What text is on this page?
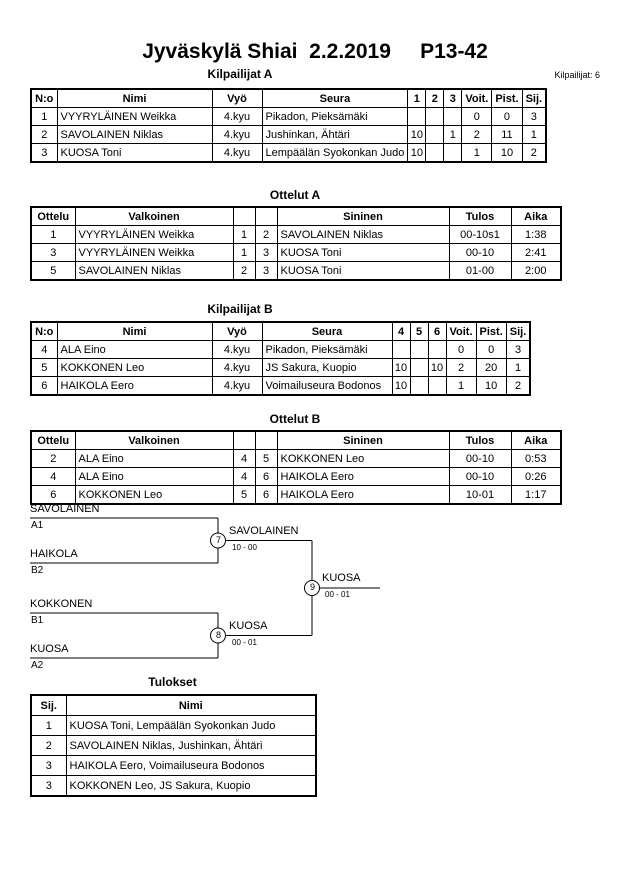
Jyväskylä Shiai  2.2.2019     P13-42
Kilpailijat: 6
Kilpailijat A
N:o	Nimi	Vyö	Seura	1	2	3	Voit.	Pist.	Sij.
1	VYYRYLÄINEN Weikka	4.kyu	Pikadon, Pieksämäki				0	0	3
2	SAVOLAINEN Niklas	4.kyu	Jushinkan, Ähtäri	10		1	2	11	1
3	KUOSA Toni	4.kyu	Lempäälän Syokonkan Judo	10			1	10	2
Ottelut A
Ottelu	Valkoinen			Sininen	Tulos	Aika
1	VYYRYLÄINEN Weikka	1	2	SAVOLAINEN Niklas	00-10s1	1:38
3	VYYRYLÄINEN Weikka	1	3	KUOSA Toni	00-10	2:41
5	SAVOLAINEN Niklas	2	3	KUOSA Toni	01-00	2:00
Kilpailijat B
N:o	Nimi	Vyö	Seura	4	5	6	Voit.	Pist.	Sij.
4	ALA Eino	4.kyu	Pikadon, Pieksämäki				0	0	3
5	KOKKONEN Leo	4.kyu	JS Sakura, Kuopio	10		10	2	20	1
6	HAIKOLA Eero	4.kyu	Voimailuseura Bodonos	10			1	10	2
Ottelut B
Ottelu	Valkoinen			Sininen	Tulos	Aika
2	ALA Eino	4	5	KOKKONEN Leo	00-10	0:53
4	ALA Eino	4	6	HAIKOLA Eero	00-10	0:26
6	KOKKONEN Leo	5	6	HAIKOLA Eero	10-01	1:17
SAVOLAINEN
A1
HAIKOLA
B2
7
SAVOLAINEN
10 - 00
KOKKONEN
B1
KUOSA
A2
8
KUOSA
00 - 01
9
KUOSA
00 - 01
Tulokset
Sij.	Nimi
1	KUOSA Toni, Lempäälän Syokonkan Judo
2	SAVOLAINEN Niklas, Jushinkan, Ähtäri
3	HAIKOLA Eero, Voimailuseura Bodonos
3	KOKKONEN Leo, JS Sakura, Kuopio
